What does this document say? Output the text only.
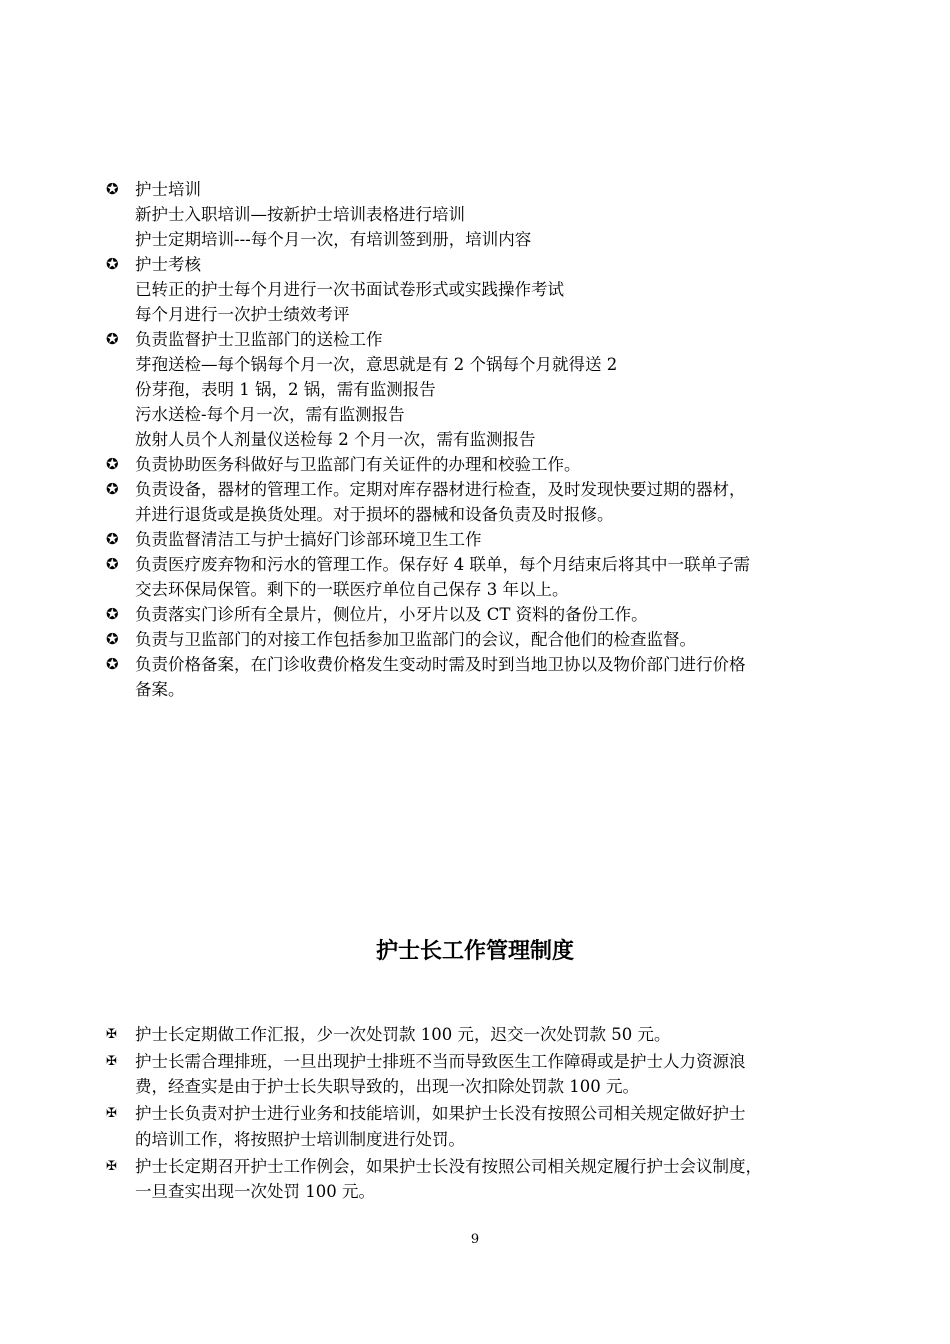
✪ 护士培训
新护士入职培训—按新护士培训表格进行培训
护士定期培训---每个月一次，有培训签到册，培训内容
✪ 护士考核
已转正的护士每个月进行一次书面试卷形式或实践操作考试
每个月进行一次护士绩效考评
✪ 负责监督护士卫监部门的送检工作
芽孢送检—每个锅每个月一次，意思就是有 2 个锅每个月就得送 2
份芽孢，表明 1 锅，2 锅，需有监测报告
污水送检-每个月一次，需有监测报告
放射人员个人剂量仪送检每 2 个月一次，需有监测报告
✪ 负责协助医务科做好与卫监部门有关证件的办理和校验工作。
✪ 负责设备，器材的管理工作。定期对库存器材进行检查，及时发现快要过期的器材，
并进行退货或是换货处理。对于损坏的器械和设备负责及时报修。
✪ 负责监督清洁工与护士搞好门诊部环境卫生工作
✪ 负责医疗废弃物和污水的管理工作。保存好 4 联单，每个月结束后将其中一联单子需
交去环保局保管。剩下的一联医疗单位自己保存 3 年以上。
✪ 负责落实门诊所有全景片，侧位片，小牙片以及 CT 资料的备份工作。
✪ 负责与卫监部门的对接工作包括参加卫监部门的会议，配合他们的检查监督。
✪ 负责价格备案，在门诊收费价格发生变动时需及时到当地卫协以及物价部门进行价格
备案。
护士长工作管理制度
✠	护士长定期做工作汇报，少一次处罚款 100 元，迟交一次处罚款 50 元。
✠	护士长需合理排班，一旦出现护士排班不当而导致医生工作障碍或是护士人力资源浪
费，经查实是由于护士长失职导致的，出现一次扣除处罚款 100 元。
✠	护士长负责对护士进行业务和技能培训，如果护士长没有按照公司相关规定做好护士
的培训工作，将按照护士培训制度进行处罚。
✠	护士长定期召开护士工作例会，如果护士长没有按照公司相关规定履行护士会议制度，
一旦查实出现一次处罚 100 元。
9
